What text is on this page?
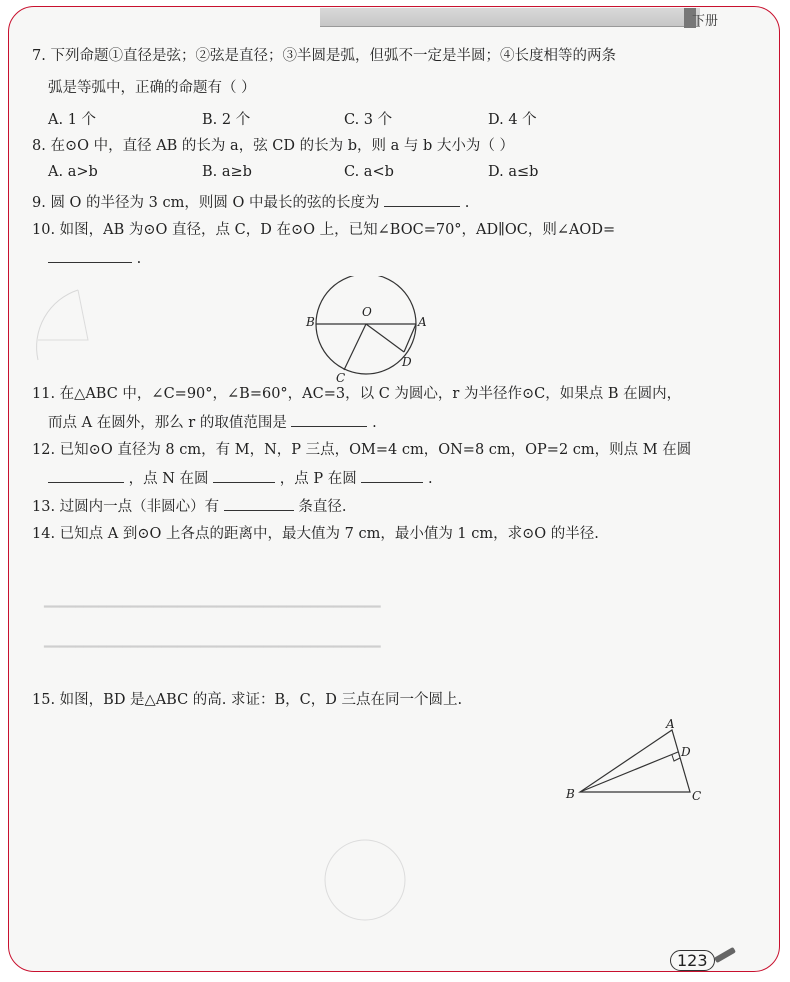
下册
7. 下列命题①直径是弦；②弦是直径；③半圆是弧，但弧不一定是半圆；④长度相等的两条
弧是等弧中，正确的命题有（ ）
A. 1 个	B. 2 个	C. 3 个	D. 4 个
8. 在⊙O 中，直径 AB 的长为 a，弦 CD 的长为 b，则 a 与 b 大小为（ ）
A. a>b	B. a≥b	C. a<b	D. a≤b
9. 圆 O 的半径为 3 cm，则圆 O 中最长的弦的长度为	.
10. 如图，AB 为⊙O 直径，点 C，D 在⊙O 上，已知∠BOC=70°，AD∥OC，则∠AOD=
.
B
O
A
C
D
11. 在△ABC 中，∠C=90°，∠B=60°，AC=3，以 C 为圆心，r 为半径作⊙C，如果点 B 在圆内，
而点 A 在圆外，那么 r 的取值范围是	.
12. 已知⊙O 直径为 8 cm，有 M，N，P 三点，OM=4 cm，ON=8 cm，OP=2 cm，则点 M 在圆
，点 N 在圆	，点 P 在圆	.
13. 过圆内一点（非圆心）有	条直径.
14. 已知点 A 到⊙O 上各点的距离中，最大值为 7 cm，最小值为 1 cm，求⊙O 的半径.
━━━━━━━━━━━━━━━━━━━━━━━━━━━━━━━━━━━━━━━━━━━
━━━━━━━━━━━━━━━━━━━━━━━━━━━━━━━━━━━━━━━━━━━
15. 如图，BD 是△ABC 的高. 求证：B，C，D 三点在同一个圆上.
A
D
B	C
123
